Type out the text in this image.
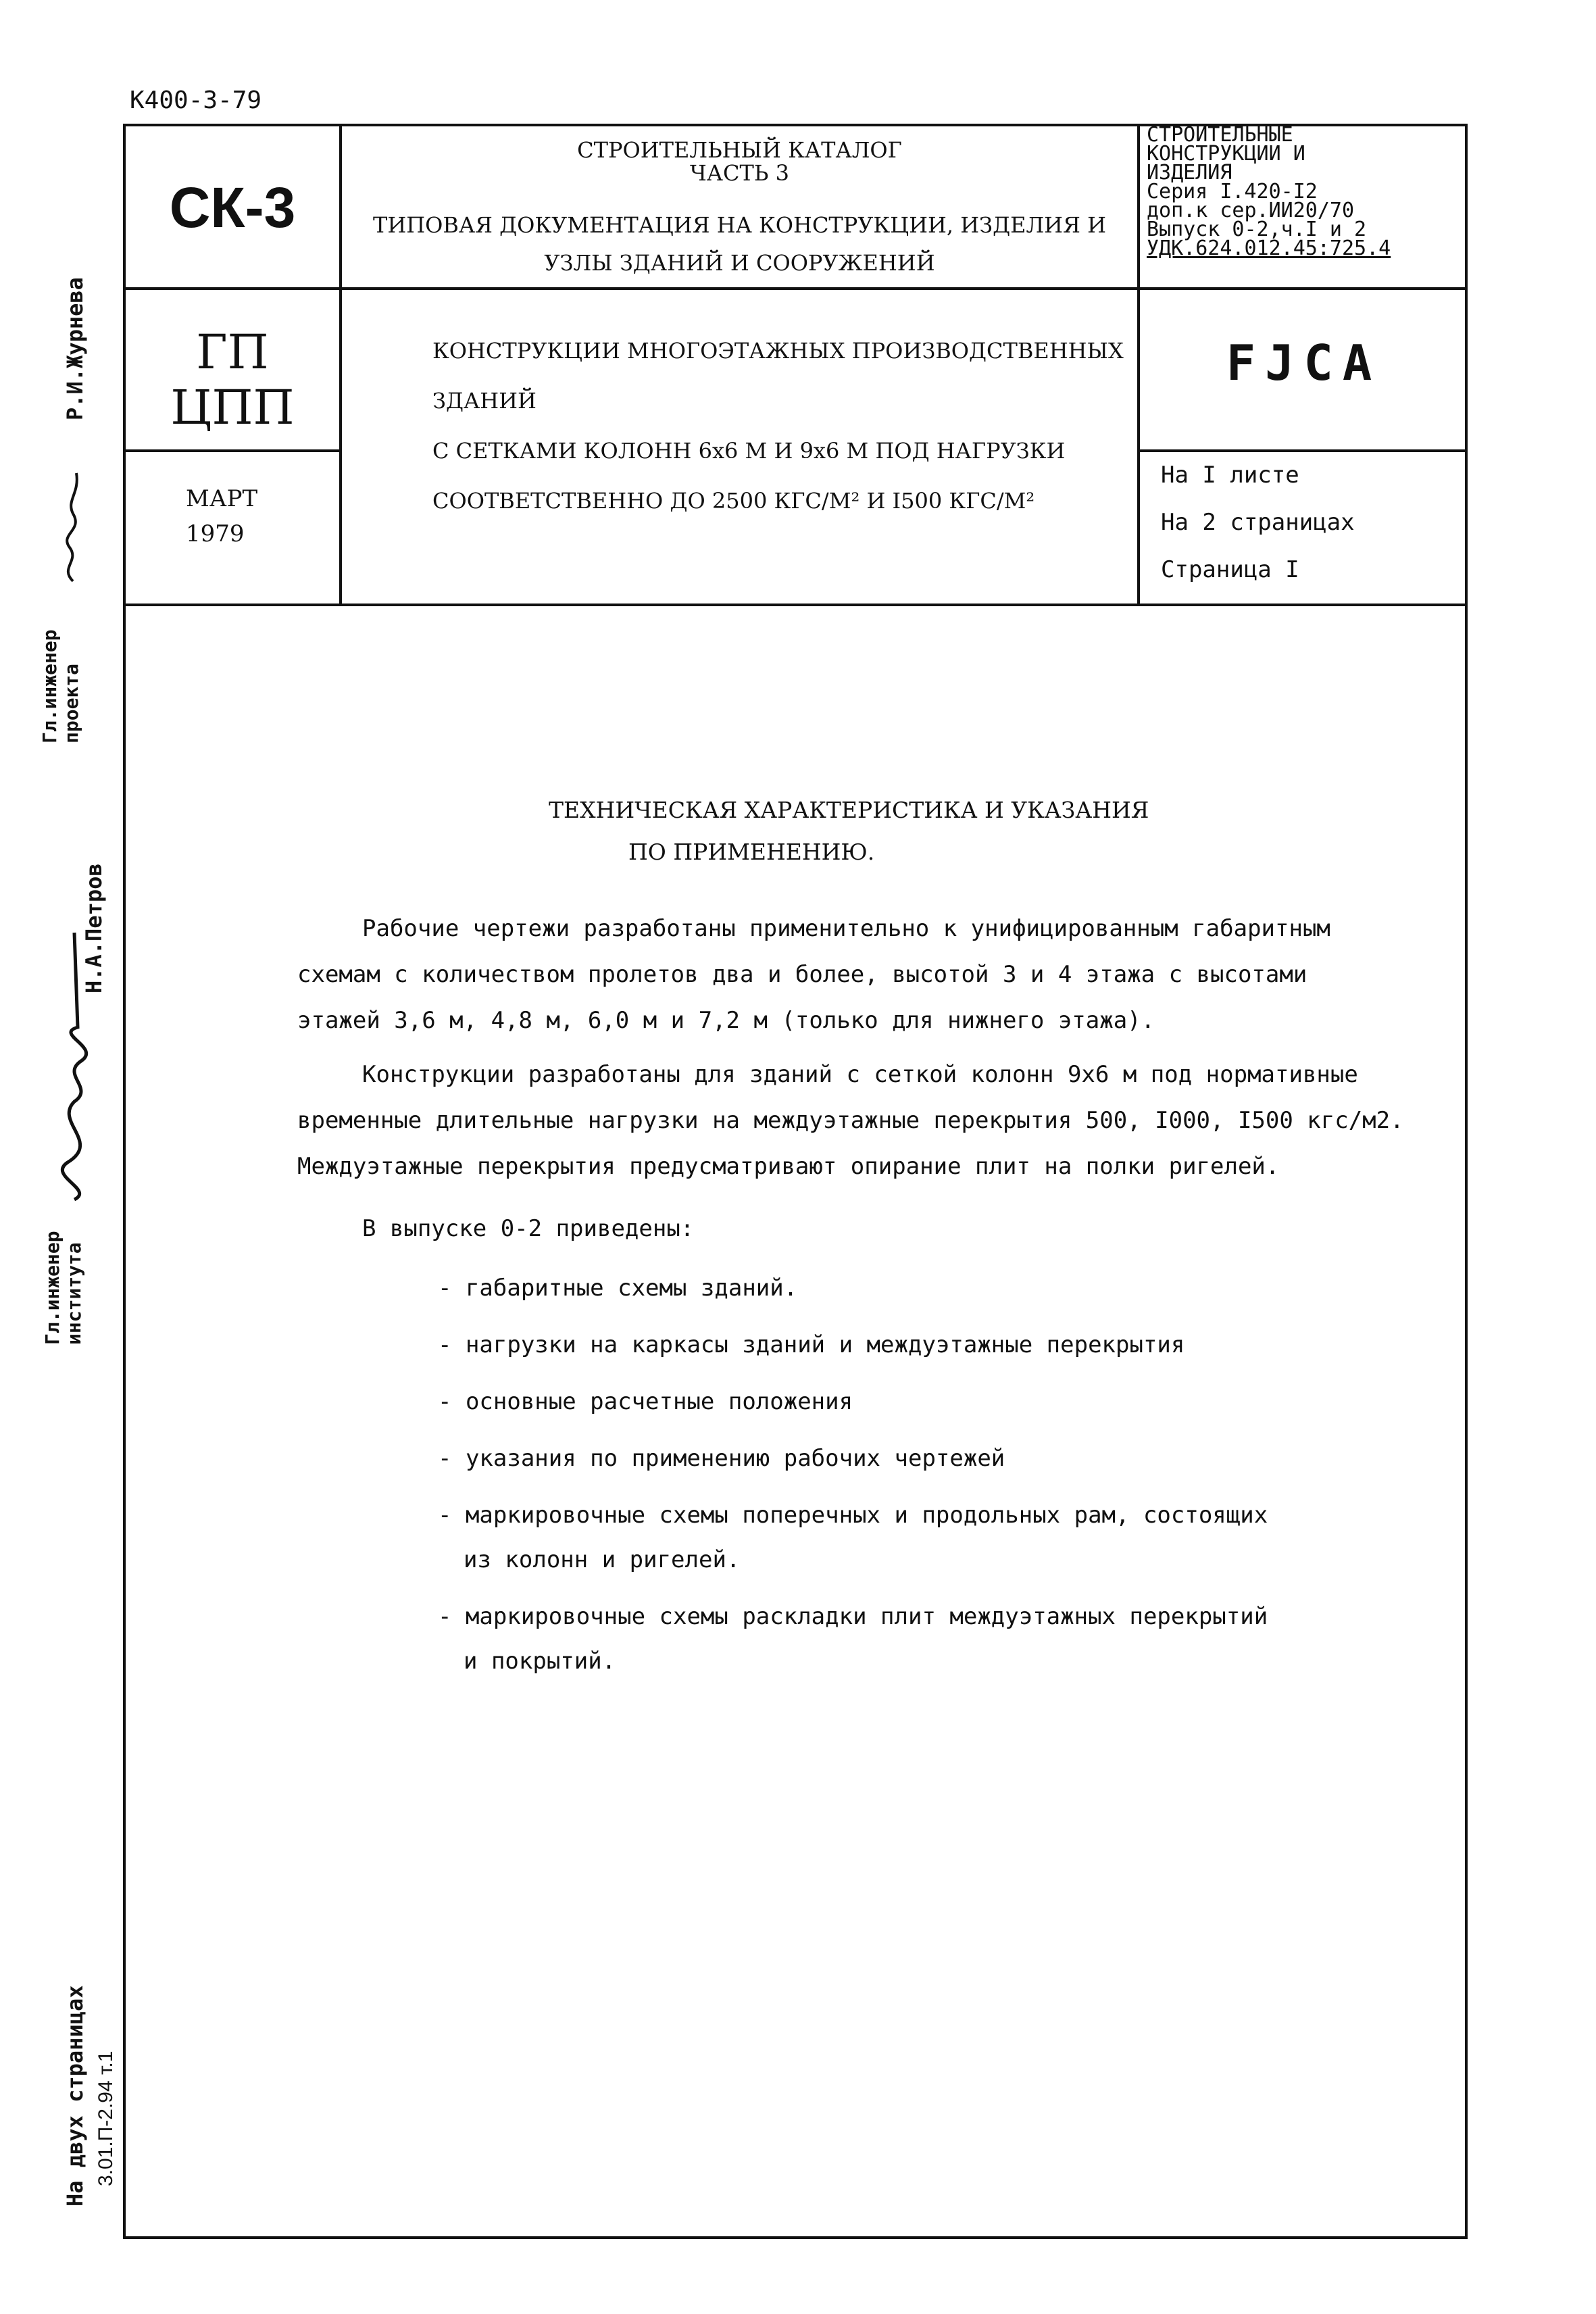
К400-3-79
СК-3
СТРОИТЕЛЬНЫЙ КАТАЛОГ
ЧАСТЬ 3
ТИПОВАЯ ДОКУМЕНТАЦИЯ НА КОНСТРУКЦИИ, ИЗДЕЛИЯ И
УЗЛЫ ЗДАНИЙ И СООРУЖЕНИЙ
СТРОИТЕЛЬНЫЕ
КОНСТРУКЦИИ И
ИЗДЕЛИЯ
Серия I.420-I2
доп.к сер.ИИ20/70
Выпуск 0-2,ч.I и 2
УДК.624.012.45:725.4
ГП
ЦПП
МАРТ
1979
КОНСТРУКЦИИ МНОГОЭТАЖНЫХ ПРОИЗВОДСТВЕННЫХ ЗДАНИЙ
С СЕТКАМИ КОЛОНН 6х6 М И 9х6 М ПОД НАГРУЗКИ
СООТВЕТСТВЕННО ДО 2500 КГС/М² И I500 КГС/М²
FJCA
На I листе
На 2 страницах
Страница I
Р.И.Журнева
Гл.инженер проекта
Н.А.Петров
Гл.инженер института
На двух страницах 3.01.П-2.94 т.1
ТЕХНИЧЕСКАЯ ХАРАКТЕРИСТИКА И УКАЗАНИЯ
ПО ПРИМЕНЕНИЮ.
Рабочие чертежи разработаны применительно к унифицированным габаритным
схемам с количеством пролетов два и более, высотой 3 и 4 этажа с высотами
этажей 3,6 м, 4,8 м, 6,0 м и 7,2 м (только для нижнего этажа).
Конструкции разработаны для зданий с сеткой колонн 9х6 м под нормативные
временные длительные нагрузки на междуэтажные перекрытия 500, I000, I500 кгс/м2.
Междуэтажные перекрытия предусматривают опирание плит на полки ригелей.
В выпуске 0-2 приведены:
- габаритные схемы зданий.
- нагрузки на каркасы зданий и междуэтажные перекрытия
- основные расчетные положения
- указания по применению рабочих чертежей
- маркировочные схемы поперечных и продольных рам, состоящих
из колонн и ригелей.
- маркировочные схемы раскладки плит междуэтажных перекрытий
и покрытий.
